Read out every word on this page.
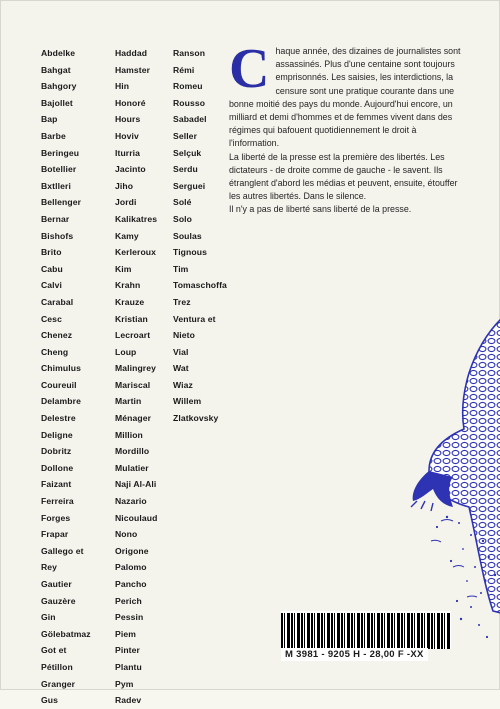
Abdelke
Bahgat
Bahgory
Bajollet
Bap
Barbe
Beringeu
Botellier
Bxtlleri
Bellenger
Bernar
Bishofs
Brito
Cabu
Calvi
Carabal
Cesc
Chenez
Cheng
Chimulus
Coureuil
Delambre
Delestre
Deligne
Dobritz
Dollone
Faizant
Ferreira
Forges
Frapar
Gallego et
Rey
Gautier
Gauzère
Gin
Gölebatmaz
Got et
Pétillon
Granger
Gus
Haddad
Hamster
Hin
Honoré
Hours
Hoviv
Iturria
Jacinto
Jiho
Jordi
Kalikatres
Kamy
Kerleroux
Kim
Krahn
Krauze
Kristian
Lecroart
Loup
Malingrey
Mariscal
Martin
Ménager
Million
Mordillo
Mulatier
Naji Al-Ali
Nazario
Nicoulaud
Nono
Origone
Palomo
Pancho
Perich
Pessin
Piem
Pinter
Plantu
Pym
Radev
Ranson
Rémi
Romeu
Rousso
Sabadel
Seller
Selçuk
Serdu
Serguei
Solé
Solo
Soulas
Tignous
Tim
Tomaschoffa
Trez
Ventura et
Nieto
Vial
Wat
Wiaz
Willem
Zlatkovsky
C haque année, des dizaines de journalistes sont assassinés. Plus d'une centaine sont toujours emprisonnés. Les saisies, les interdictions, la censure sont une pratique courante dans une bonne moitié des pays du monde. Aujourd'hui encore, un milliard et demi d'hommes et de femmes vivent dans des régimes qui bafouent quotidiennement le droit à l'information.

La liberté de la presse est la première des libertés. Les dictateurs - de droite comme de gauche - le savent. Ils étranglent d'abord les médias et peuvent, ensuite, étouffer les autres libertés. Dans le silence.

Il n'y a pas de liberté sans liberté de la presse.

M 3981 - 9205 H - 28,00 F -XX
